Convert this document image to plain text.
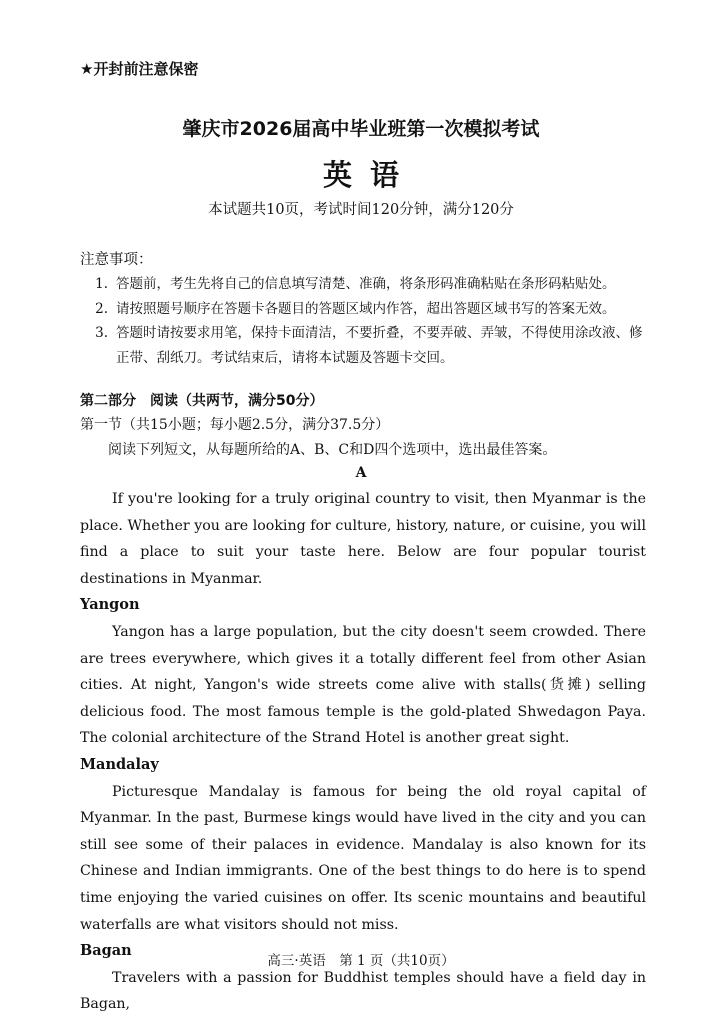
★开封前注意保密
肇庆市2026届高中毕业班第一次模拟考试
英语
本试题共10页，考试时间120分钟，满分120分
注意事项：
1. 答题前，考生先将自己的信息填写清楚、准确，将条形码准确粘贴在条形码粘贴处。
2. 请按照题号顺序在答题卡各题目的答题区域内作答，超出答题区域书写的答案无效。
3. 答题时请按要求用笔，保持卡面清洁，不要折叠，不要弄破、弄皱，不得使用涂改液、修正带、刮纸刀。考试结束后，请将本试题及答题卡交回。
第二部分　阅读（共两节，满分50分）
第一节（共15小题；每小题2.5分，满分37.5分）
阅读下列短文，从每题所给的A、B、C和D四个选项中，选出最佳答案。
A

If you're looking for a truly original country to visit, then Myanmar is the place. Whether you are looking for culture, history, nature, or cuisine, you will find a place to suit your taste here. Below are four popular tourist destinations in Myanmar.

Yangon

Yangon has a large population, but the city doesn't seem crowded. There are trees everywhere, which gives it a totally different feel from other Asian cities. At night, Yangon's wide streets come alive with stalls(货摊) selling delicious food. The most famous temple is the gold-plated Shwedagon Paya. The colonial architecture of the Strand Hotel is another great sight.

Mandalay

Picturesque Mandalay is famous for being the old royal capital of Myanmar. In the past, Burmese kings would have lived in the city and you can still see some of their palaces in evidence. Mandalay is also known for its Chinese and Indian immigrants. One of the best things to do here is to spend time enjoying the varied cuisines on offer. Its scenic mountains and beautiful waterfalls are what visitors should not miss.

Bagan

Travelers with a passion for Buddhist temples should have a field day in Bagan,

高三·英语　第 1 页（共10页）
